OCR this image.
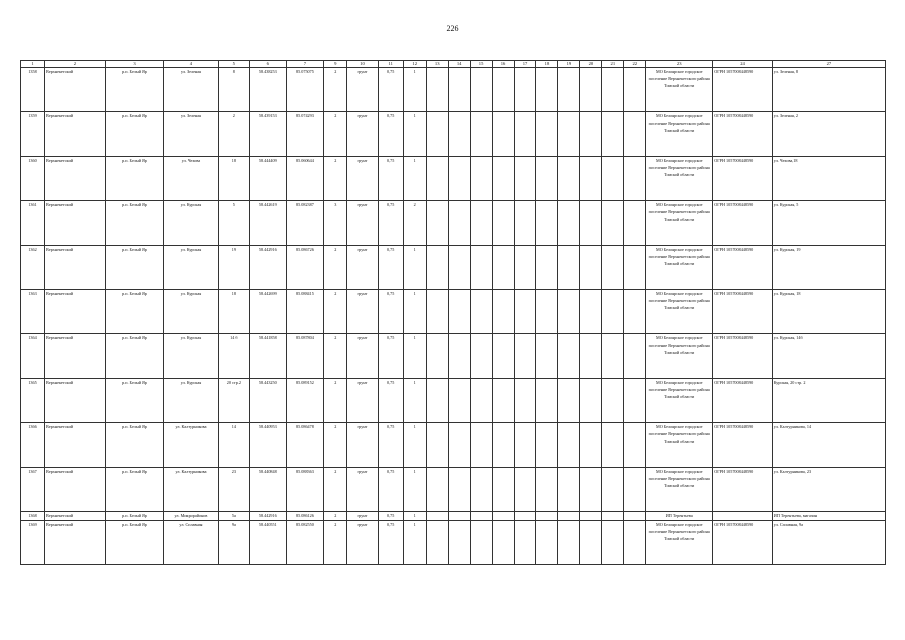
226
1	2	3	4	5	6	7	9	10	11	12	13	14	15	16	17	18	19	20	21	22	23	24	27
1358	Верхнекетский	р.п. Белый Яр	ул. Зеленая	8	58.438253	85.075075	2	грунт	0,75	1											МО Белоярское городское поселение Верхнекетского района Томской области	ОГРН 1057008448590	ул. Зеленая, 8
1359	Верхнекетский	р.п. Белый Яр	ул. Зеленая	2	58.439153	85.074293	2	грунт	0,75	1											МО Белоярское городское поселение Верхнекетского района Томской области	ОГРН 1057008448590	ул. Зеленая, 2
1360	Верхнекетский	р.п. Белый Яр	ул. Чехова	18	58.444409	85.060644	2	грунт	0,75	1											МО Белоярское городское поселение Верхнекетского района Томской области	ОГРН 1057008448590	ул. Чехова,18
1361	Верхнекетский	р.п. Белый Яр	ул. Курская	5	58.442619	85.082387	3	грунт	0,75	2											МО Белоярское городское поселение Верхнекетского района Томской области	ОГРН 1057008448590	ул. Курская, 5
1362	Верхнекетский	р.п. Белый Яр	ул. Курская	19	58.442916	85.086726	2	грунт	0,75	1											МО Белоярское городское поселение Верхнекетского района Томской области	ОГРН 1057008448590	ул. Курская, 19
1363	Верхнекетский	р.п. Белый Яр	ул. Курская	18	58.442699	85.088415	2	грунт	0,75	1											МО Белоярское городское поселение Верхнекетского района Томской области	ОГРН 1057008448590	ул. Курская, 18
1364	Верхнекетский	р.п. Белый Яр	ул. Курская	14 б	58.441858	85.087804	2	грунт	0,75	1											МО Белоярское городское поселение Верхнекетского района Томской области	ОГРН 1057008448590	ул. Курская, 14б
1365	Верхнекетский	р.п. Белый Яр	ул. Курская	20 стр.2	58.443250	85.089152	2	грунт	0,75	1											МО Белоярское городское поселение Верхнекетского района Томской области	ОГРН 1057008448590	Курская, 20 стр. 2
1366	Верхнекетский	р.п. Белый Яр	ул. Калтурникова	14	58.440953	85.086478	2	грунт	0,75	1											МО Белоярское городское поселение Верхнекетского района Томской области	ОГРН 1057008448590	ул. Калтурникова, 14
1367	Верхнекетский	р.п. Белый Яр	ул. Калтурникова	23	58.440848	85.088363	2	грунт	0,75	1											МО Белоярское городское поселение Верхнекетского района Томской области	ОГРН 1057008448590	ул. Калтурникова, 23
1368	Верхнекетский	р.п. Белый Яр	ул. Микрорайонов	5а	58.442916	85.086126	2	грунт	0,75	1											ИП Терентьева		ИП Терентьева, магазин
1369	Верхнекетский	р.п. Белый Яр	ул. Сплавная	9а	58.440551	85.082550	2	грунт	0,75	1											МО Белоярское городское поселение Верхнекетского района Томской области	ОГРН 1057008448590	ул. Сплавная, 9а
